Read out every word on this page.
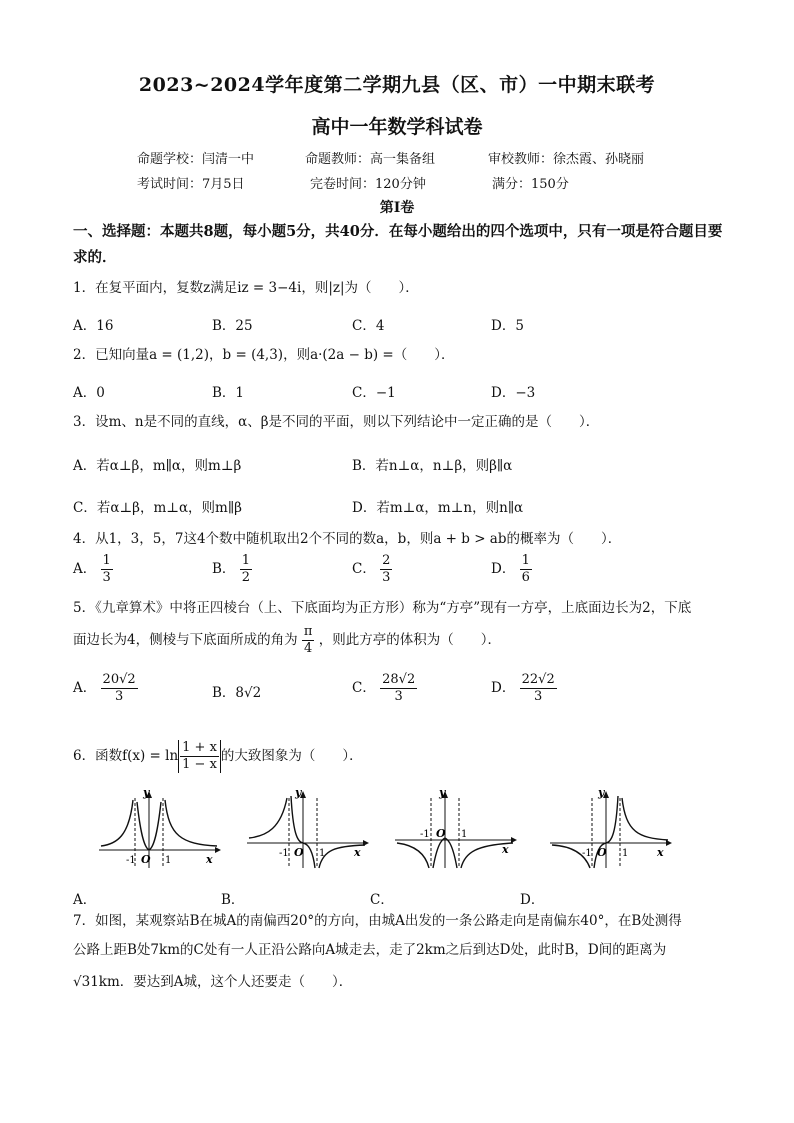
2023~2024学年度第二学期九县（区、市）一中期末联考
高中一年数学科试卷
命题学校：闫清一中	命题教师：高一集备组	审校教师：徐杰霞、孙晓丽
考试时间：7月5日	完卷时间：120分钟	满分：150分
第Ⅰ卷
一、选择题：本题共8题，每小题5分，共40分．在每小题给出的四个选项中，只有一项是符合题目要求的．
1．在复平面内，复数z满足iz = 3−4i，则|z|为（　　）．
A．16	B．25	C．4	D．5
2．已知向量a = (1,2)，b = (4,3)，则a·(2a − b) =（　　）．
A．0	B．1	C．−1	D．−3
3．设m、n是不同的直线，α、β是不同的平面，则以下列结论中一定正确的是（　　）．
A．若α⊥β，m∥α，则m⊥β	B．若n⊥α，n⊥β，则β∥α
C．若α⊥β，m⊥α，则m∥β	D．若m⊥α，m⊥n，则n∥α
4．从1，3，5，7这4个数中随机取出2个不同的数a，b，则a + b > ab的概率为（　　）．
A． $\frac{1}{3}$	B． $\frac{1}{2}$	C． $\frac{2}{3}$	D． $\frac{1}{6}$
5．《九章算术》中将正四棱台（上、下底面均为正方形）称为“方亭”现有一方亭，上底面边长为2，下底
面边长为4，侧棱与下底面所成的角为 $\frac{\pi}{4}$ ，则此方亭的体积为（　　）．
A． $\frac{20√2}{3}$	B．8√2	C． $\frac{28√2}{3}$	D． $\frac{22√2}{3}$
6．函数$f(x) = \ln \frac{1 + x}{1 - x}$ 的大致图象为（　　）．
y
x
-1	1
O
y
x
-1	1
O
y
x
-1	1
O
y
x
-1	1
O
A．	B．	C．	D．
7．如图，某观察站B在城A的南偏西20°的方向，由城A出发的一条公路走向是南偏东40°，在B处测得
公路上距B处7km的C处有一人正沿公路向A城走去，走了2km之后到达D处，此时B，D间的距离为
√31km．要达到A城，这个人还要走（　　）．
